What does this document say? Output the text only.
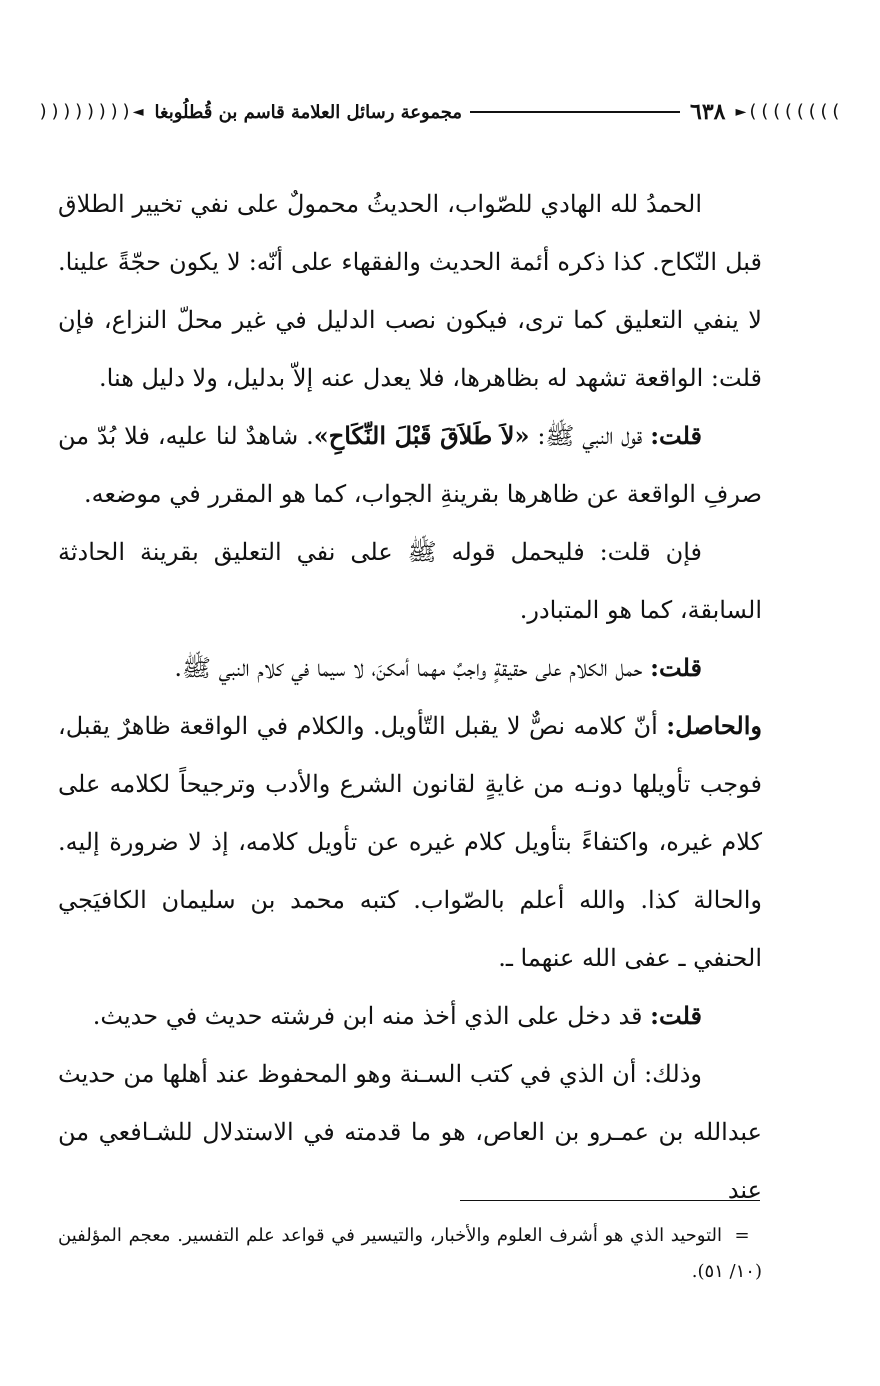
))))))))►
٦٣٨
مجموعة رسائل العلامة قاسم بن قُطلُوبغا
◄((((((((

الحمدُ لله الهادي للصّواب، الحديثُ محمولٌ على نفي تخيير الطلاق قبل النّكاح. كذا ذكره أئمة الحديث والفقهاء على أنّه: لا يكون حجّةً علينا. لا ينفي التعليق كما ترى، فيكون نصب الدليل في غير محلّ النزاع، فإن قلت: الواقعة تشهد له بظاهرها، فلا يعدل عنه إلاّ بدليل، ولا دليل هنا.

قلت: قول النبي ﷺ: «لاَ طَلاَقَ قَبْلَ النِّكَاحِ». شاهدٌ لنا عليه، فلا بُدّ من صرفِ الواقعة عن ظاهرها بقرينةِ الجواب، كما هو المقرر في موضعه.

فإن قلت: فليحمل قوله ﷺ على نفي التعليق بقرينة الحادثة السابقة، كما هو المتبادر.

قلت: حمل الكلام على حقيقةٍ واجبٌ مهما أمكنَ، لا سيما في كلام النبي ﷺ.

والحاصل: أنّ كلامه نصٌّ لا يقبل التّأويل. والكلام في الواقعة ظاهرٌ يقبل، فوجب تأويلها دونـه من غايةٍ لقانون الشرع والأدب وترجيحاً لكلامه على كلام غيره، واكتفاءً بتأويل كلام غيره عن تأويل كلامه، إذ لا ضرورة إليه. والحالة كذا. والله أعلم بالصّواب. كتبه محمد بن سليمان الكافيَجي الحنفي ـ عفى الله عنهما ـ.

قلت: قد دخل على الذي أخذ منه ابن فرشته حديث في حديث.

وذلك: أن الذي في كتب السـنة وهو المحفوظ عند أهلها من حديث عبدالله بن عمـرو بن العاص، هو ما قدمته في الاستدلال للشـافعي من عند

=التوحيد الذي هو أشرف العلوم والأخبار، والتيسير في قواعد علم التفسير. معجم المؤلفين (١٠/ ٥١).
